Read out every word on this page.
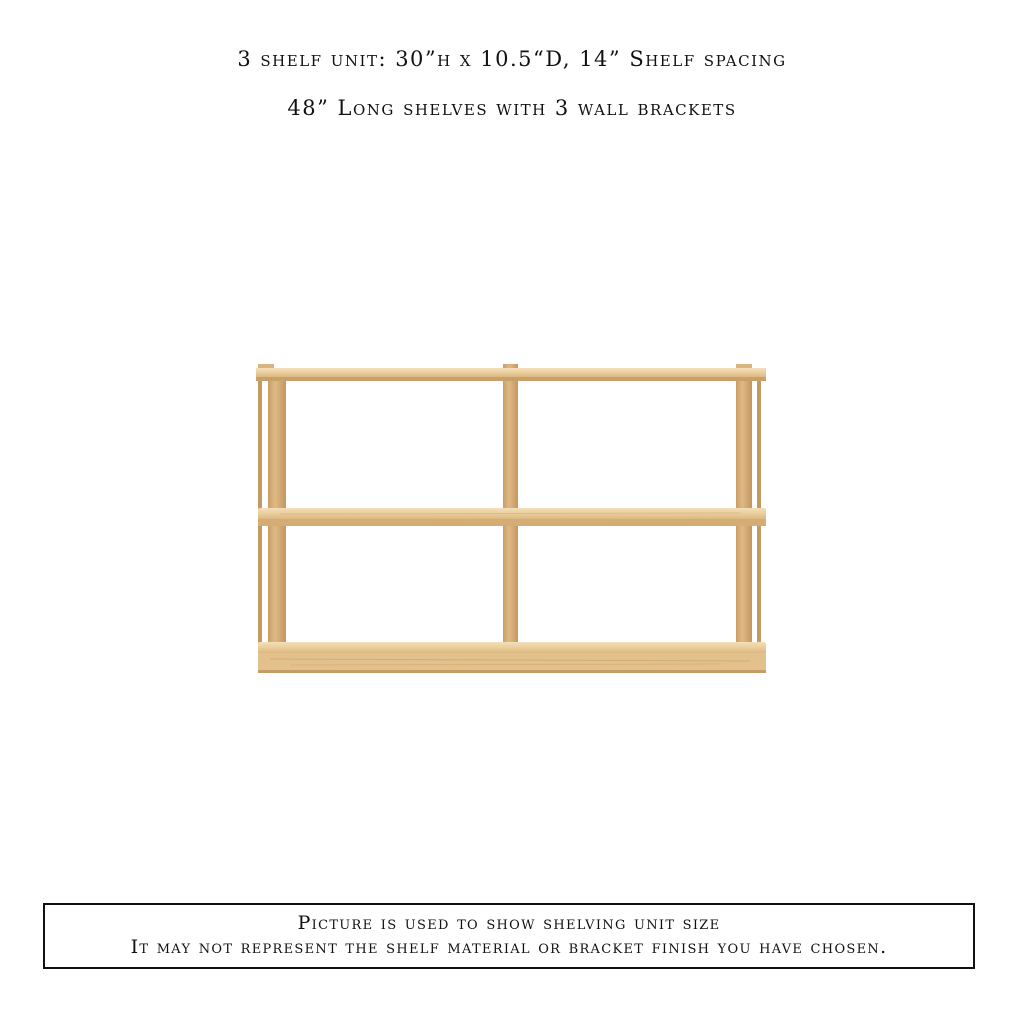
3 shelf unit: 30”h x 10.5“D, 14” Shelf spacing
48” Long shelves with 3 wall brackets
Picture is used to show shelving unit size
It may not represent the shelf material or bracket finish you have chosen.
